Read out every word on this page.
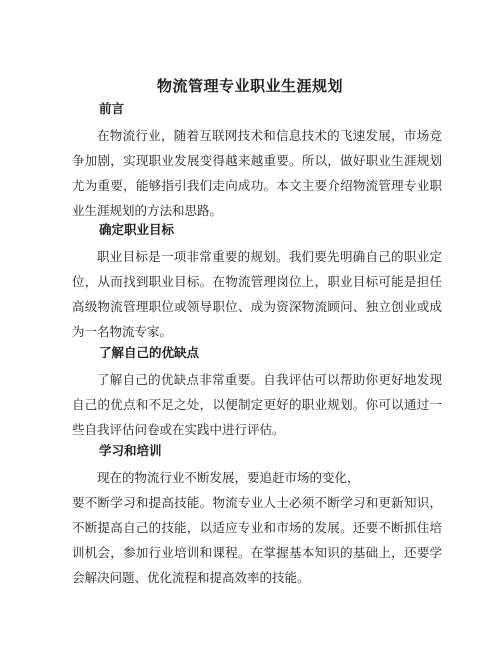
物流管理专业职业生涯规划
前言

在物流行业，随着互联网技术和信息技术的飞速发展，市场竞争加剧，实现职业发展变得越来越重要。所以，做好职业生涯规划尤为重要，能够指引我们走向成功。本文主要介绍物流管理专业职业生涯规划的方法和思路。

确定职业目标

职业目标是一项非常重要的规划。我们要先明确自己的职业定位，从而找到职业目标。在物流管理岗位上，职业目标可能是担任高级物流管理职位或领导职位、成为资深物流顾问、独立创业或成为一名物流专家。

了解自己的优缺点

了解自己的优缺点非常重要。自我评估可以帮助你更好地发现自己的优点和不足之处，以便制定更好的职业规划。你可以通过一些自我评估问卷或在实践中进行评估。

学习和培训
现在的物流行业不断发展，要追赶市场的变化，
要不断学习和提高技能。物流专业人士必须不断学习和更新知识，不断提高自己的技能，以适应专业和市场的发展。还要不断抓住培训机会，参加行业培训和课程。在掌握基本知识的基础上，还要学会解决问题、优化流程和提高效率的技能。
